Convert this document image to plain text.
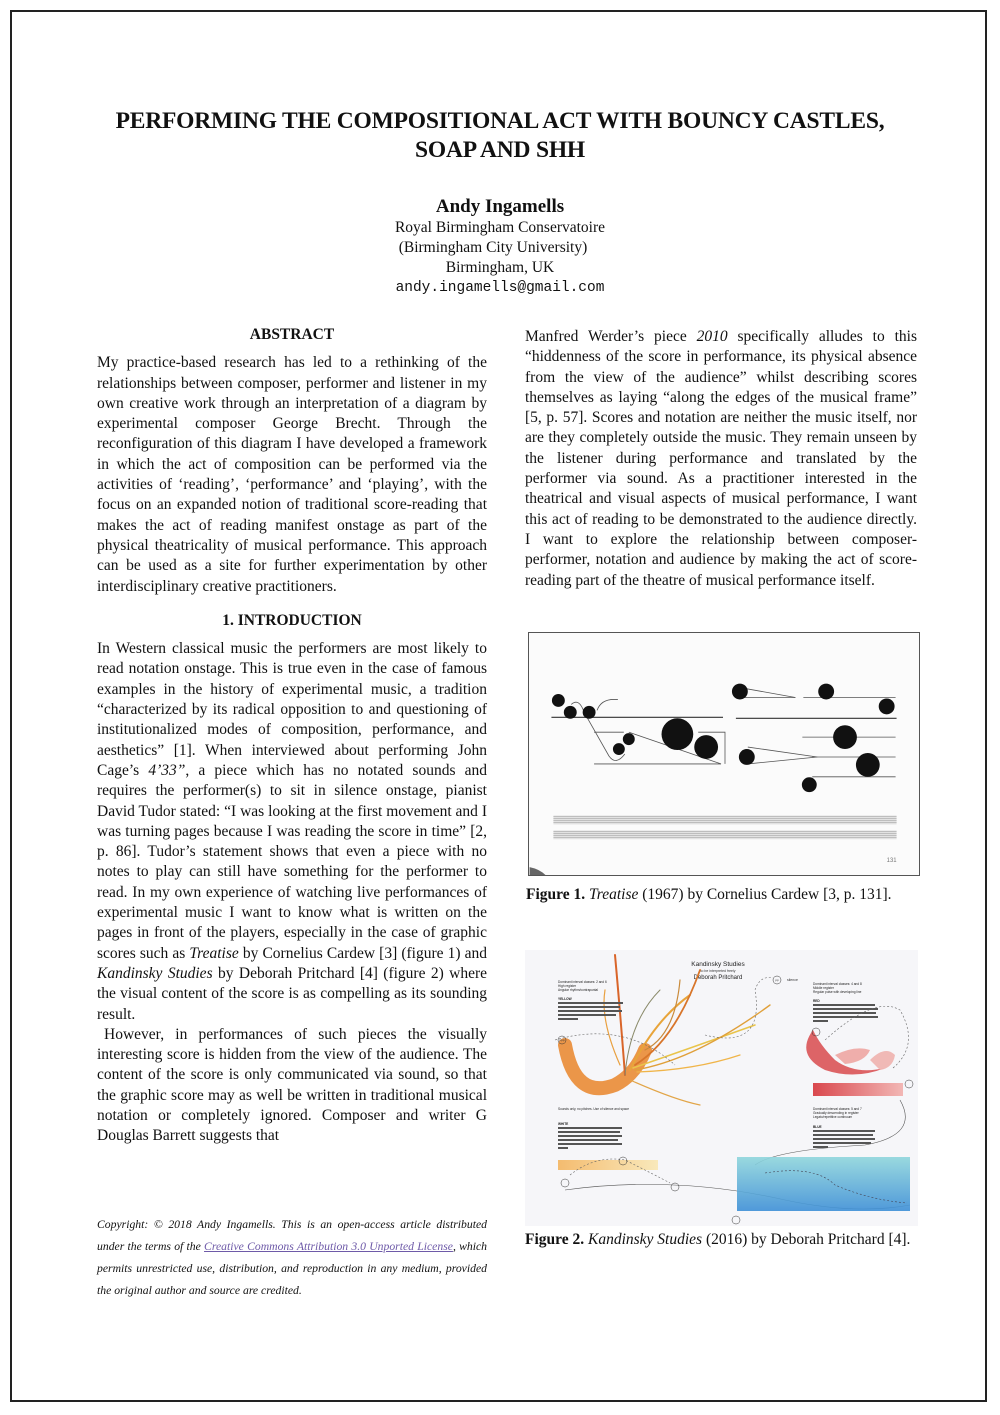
PERFORMING THE COMPOSITIONAL ACT WITH BOUNCY CASTLES,
SOAP AND SHH
Andy Ingamells
Royal Birmingham Conservatoire
(Birmingham City University)
Birmingham, UK
andy.ingamells@gmail.com
ABSTRACT

My practice-based research has led to a rethinking of the relationships between composer, performer and listener in my own creative work through an interpretation of a diagram by experimental composer George Brecht. Through the reconfiguration of this diagram I have developed a framework in which the act of composition can be performed via the activities of ‘reading’, ‘performance’ and ‘playing’, with the focus on an expanded notion of traditional score-reading that makes the act of reading manifest onstage as part of the physical theatricality of musical performance. This approach can be used as a site for further experimentation by other interdisciplinary creative practitioners.

1. INTRODUCTION

In Western classical music the performers are most likely to read notation onstage. This is true even in the case of famous examples in the history of experimental music, a tradition “characterized by its radical opposition to and questioning of institutionalized modes of composition, performance, and aesthetics” [1]. When interviewed about performing John Cage’s 4’33”, a piece which has no notated sounds and requires the performer(s) to sit in silence onstage, pianist David Tudor stated: “I was looking at the first movement and I was turning pages because I was reading the score in time” [2, p. 86]. Tudor’s statement shows that even a piece with no notes to play can still have something for the performer to read. In my own experience of watching live performances of experimental music I want to know what is written on the pages in front of the players, especially in the case of graphic scores such as Treatise by Cornelius Cardew [3] (figure 1) and Kandinsky Studies by Deborah Pritchard [4] (figure 2) where the visual content of the score is as compelling as its sounding result.

However, in performances of such pieces the visually interesting score is hidden from the view of the audience. The content of the score is only communicated via sound, so that the graphic score may as well be written in traditional musical notation or completely ignored. Composer and writer G Douglas Barrett suggests that

Copyright: © 2018 Andy Ingamells. This is an open-access article distributed under the terms of the Creative Commons Attribution 3.0 Unported License, which permits unrestricted use, distribution, and reproduction in any medium, provided the original author and source are credited.

Manfred Werder’s piece 2010 specifically alludes to this “hiddenness of the score in performance, its physical absence from the view of the audience” whilst describing scores themselves as laying “along the edges of the musical frame” [5, p. 57]. Scores and notation are neither the music itself, nor are they completely outside the music. They remain unseen by the listener during performance and translated by the performer via sound. As a practitioner interested in the theatrical and visual aspects of musical performance, I want this act of reading to be demonstrated to the audience directly. I want to explore the relationship between composer-performer, notation and audience by making the act of score-reading part of the theatre of musical performance itself.

131
Figure 1. Treatise (1967) by Cornelius Cardew [3, p. 131].
Kandinsky Studies
to be interpreted freely
Deborah Pritchard
Dominant interval classes: 2 and 6
High register
Angular rhythm/contrapuntal
YELLOW
Sounds only, no pitches. Use of silence and space
WHITE
Dominant interval classes: 4 and 8
Middle register
Regular pulse with developing line
RED
Dominant interval classes: 5 and 7
Gradually descending in register
Legato/repetitive continuum
BLUE
ppp
pp silence
Figure 2. Kandinsky Studies (2016) by Deborah Pritchard [4].
